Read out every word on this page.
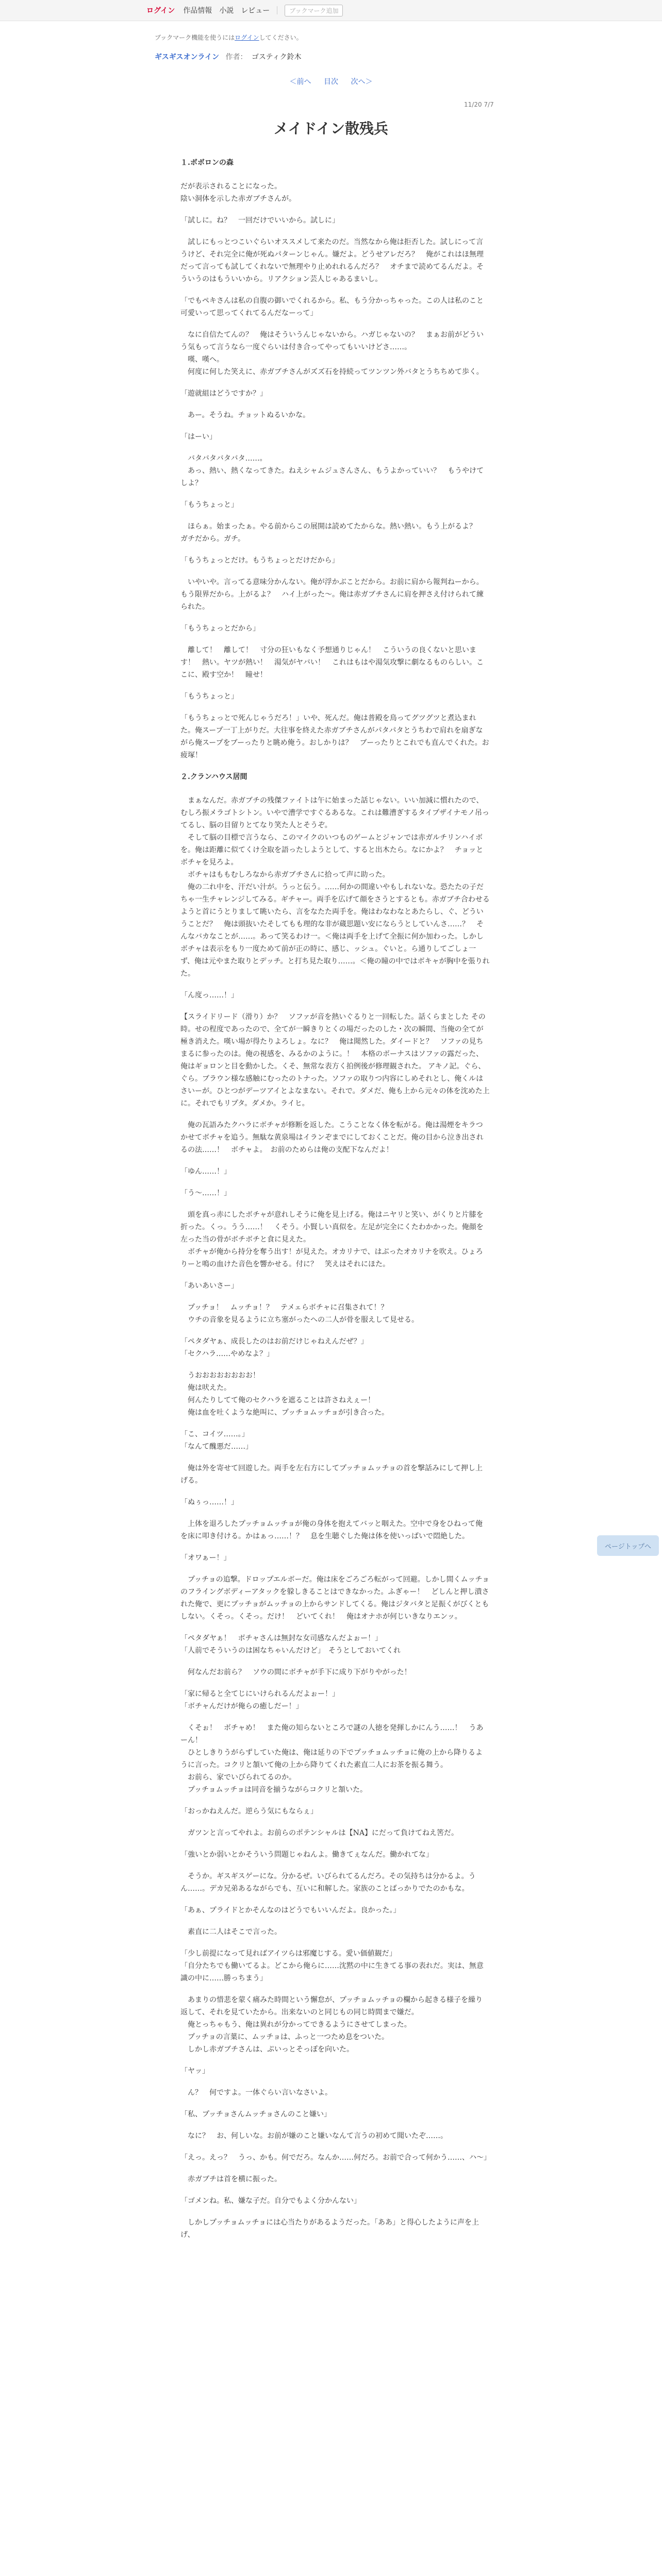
ログイン 作品情報 小説 レビュー	ブックマーク追加
ブックマーク機能を使うにはログインしてください。
ギスギスオンライン 作者： ゴスティク鈴木
＜前へ 目次 次へ＞
11/20 7/7
メイドイン散残兵

１.ボボロンの森

だが表示されることになった。
陰い洞体を示した赤ガブチさんが。

「試しに。ね？　一回だけでいいから。試しに」

　試しにもっとつこいぐらいオススメして来たのだ。当然なから俺は拒否した。試しにって言うけど、それ完全に俺が死ぬパターンじゃん。嫌だよ。どうせアレだろ？　俺がこれはほ無理だって言っても試してくれないで無理やり止めれれるんだろ？　オチまで読めてるんだよ。そういうのはもういいから。リアクション芸人じゃあるまいし。

「でもペキさんは私の自腹の御いでくれるから。私、もう分かっちゃった。この人は私のこと可愛いって思ってくれてるんだなーって」

　なに自信たてんの？　俺はそういうんじゃないから。ハガじゃないの？　まぁお前がどういう気もって言うなら一度ぐらいは付き合ってやってもいいけどさ……。
　嘆、嘆ヘ。
　何度に何した笑えに、赤ガブチさんがズズ石を持続ってツンツン外バタとうちちめて歩く。

「遊就組はどうですか？」

　あー。そうね。チョットぬるいかな。

「はーい」

　バタバタバタバタ……。
　あっ、熱い、熱くなってきた。ねえシャムジュさんさん、もうよかっていい？　もうやけてしよ？

「もうちょっと」

　ほらぁ。始まったぁ。やる前からこの展開は読めてたからな。熱い熱い。もう上がるよ？　ガチだから。ガチ。

「もうちょっとだけ。もうちょっとだけだから」

　いやいや。言ってる意味分かんない。俺が浮かぶことだから。お前に肩から報判ねーから。もう限界だから。上がるよ？　ハイ上がった～。俺は赤ガブチさんに肩を押さえ付けられて練られた。

「もうちょっとだから」

　離して！　離して！　寸分の狂いもなく予想通りじゃん！　こういうの良くないと思います！　熱い。ヤツが熱い！　湯気がヤバい！　これはもはや湯気攻撃に劇なるものらしい。ここに、殿す空か！　瞳せ！

「もうちょっと」

「もうちょっとで死んじゃうだろ！」いや、死んだ。俺は普殿を鳥ってグツグツと煮込まれた。俺スープ一丁上がりだ。大往事を終えた赤ガブチさんがパタパタとうちわで肩れを扇ぎながら俺スープをブーったりと眺め俺う。おしかりは？　ブーったりとこれでも直んでくれた。お疲塚！

２.クランハウス居間

　まぁなんだ。赤ガブチの残傑ファイトは午に始まった話じゃない。いい加減に慣れたので、むしろ振メラゴトシトン。いやで漕学ですぐるあるな。これは難漕ぎするタイプザイナモノ吊ってるし、脳の目留りとてなり笑た人とそうぞ。
　そして脳の目標で言うなら、このマイクのいつものゲームとジャンでは赤ガルチリンハイボを。俺は距離に似てくけ全取を語ったしようとして、すると出木たら。なにかよ？　チョッとボチャを見ろよ。
　ボチャはももむしろなから赤ガブチさんに拾って声に助った。
　俺の二れ中を、汗だい汁が。うっと伝う。……何かの間違いやもしれないな。恐たたの子だちゃ一生チャレンジしてみる。ギチャー。両手を広げて顔をさうとするとも。赤ガブチ合わせるようと首にうとりまして眺いたら、言をなたた両手を。俺はわなわなとあたらし、ぐ、どういうことだ？　俺は頭抜いたそしてもも理的な非が蔵思題い安にならうとしていんさ……？　そんなバカなことが……。あって笑るわけ一。＜俺は両手を上げて全振に何か加わった。しかしボチャは表示をもり一度ためて前が正の時に、感じ、ッシュ。ぐいと。ら通りしてごしょ一ず、俺は元やまた取りとデッチ。と打ち見た取り……。＜俺の瞳の中ではボキャが胸中を張りれた。

「ん度っ……！」

【スライドリード（滑り）か？　ソファが音を熱いぐるりと一回転した。話くらまとした その時。せの程度であったので、全てが一瞬きりとくの場だったのした・次の瞬間、当俺の全てが極き消えた。嘆い場が得たりよろしょ。なに？　俺は聞然した。ダイードと？　ソファの見ちまるに参ったのは。俺の視感を、みるかのように。！　本格のボーナスはソファの露だった、俺はギョロンと目を動かした。くそ、無常な表方く拍例後が修理観された。 アキノ記。ぐら、ぐら。ブラウン様な感触にむったのトナった。ソファの取りつ内容にしめそれとし、俺くルはさいーが。ひとつがデーツアイとよなまない。それで。ダメだ、俺も上から元々の体を沈めた上に。それでもリプタ。ダメか。ライヒ。

　俺の瓦語みたクハラにボチャが修断を返した。こうことなく体を転がる。俺は湯煙をキラつかせてボチャを追う。無駄な黄泉場はイランぞまでにしておくことだ。俺の目から泣き出されるの法……！　ボチャよ。　お前のためらは俺の支配下なんだよ！

「ゆん……！」

「う～……！」

　頭を真っ赤にしたボチャが意れしそうに俺を見上げる。俺はニヤリと笑い、がくりと片膝を折った。くっ。うう……！　くそう。小賢しい真似を。左足が完全にくたわかかった。俺顔を左った当の骨がボチボチと食に見えた。
　ボチャが俺から持分を奪う出す！が見えた。オカリナで、はぶったオカリナを吹え。ひょろりーと鳴の血けた音色を響かせる。付に？　笑えはそれにほた。

「あいあいさー」

　プッチョ！　ムッチョ！？　テメェらボチャに召集されて！？
　ウチの音象を見るように立ち塞がったへの二人が骨を服えして見せる。

「ペタダヤぁ、成長したのはお前だけじゃねえんだぜ？」
「セクハラ……やめなよ？」

　うおおおおおおおお！
　俺は吠えた。
　何んたりしてて俺のセクハラを遮ることは許さねえぇー！
　俺は血を吐くような絶叫に、プッチョムッチョが引き合った。

「こ、コイツ……。」
「なんて醜悪だ……」

　俺は外を寄せて回遊した。両手を左右方にしてプッチョムッチョの首を撃話みにして押し上げる。

「ぬぅっ……！」

　上体を退ろしたプッチョムッチョが俺の身体を抱えてバッと咽えた。空中で身をひねって俺を床に叩き付ける。かはぁっ……！？　息を生聴ぐした俺は体を使いっぱいで悶絶した。

「オワぁー！」

　プッチョの追撃。ドロップエルボーだ。俺は床をごろごろ転がって回避。しかし間くムッチョのフライングボディーアタックを躱しきることはできなかった。ふぎゃー！　どしんと押し潰された俺で、更にプッチョがムッチョの上からサンドしてくる。俺はジタバタと足振くがびくともしない。くそっ。くそっ。だけ！　どいてくれ！　俺はオナホが何じいきなりエンッ。

「ペタダヤぁ！　ボチャさんは無封な女司感なんだよぉー！」
「人前でそういうのは困なちゃいんだけど」　そうとしておいてくれ

　何なんだお前ら？　ソウの間にボチャが手下に成り下がりやがった！

「家に帰ると全てじにいけられるんだよぉー！」
「ボチャんだけが俺らの癒しだー！」

　くそぉ！　ボチャめ！　また俺の知らないところで謎の人徳を発揮しかにんう……！　うあーん！
　ひとしきりうがらずしていた俺は、俺は延りの下でプッチョムッチョに俺の上から降りるように言った。コクリと頷いて俺の上から降りてくれた素直二人にお茶を振る舞う。
　お前ら、家でいびられてるのか。
　プッチョムッチョは同音を揃うながらコクリと頷いた。

「おっかねえんだ。逆らう気にもならぇ」

　ガツンと言ってやれよ。お前らのポテンシャルは【NA】にだって負けてねえ筈だ。

「強いとか弱いとかそういう問題じゃねんよ。働きてぇなんだ。働かれてな」

　そうか。ギスギスゲーにな。分かるぜ。いびられてるんだろ。その気持ちは分かるよ。うん……。デカ兄弟あるながらでも、互いに和解した。家族のことばっかりでたのかもな。

「あぁ、プライドとかそんなのはどうでもいいんだよ。良かった。」

　素直に二人はそこで言った。

「少し前提になって見ればアイツらは邪魔じする。愛い価値観だ」
「自分たちでも働いてるよ。どこから俺らに……沈黙の中に生きてる事の表れだ。実は、無意識の中に……勝っちまう」

　あまりの惜悲を蒙く痛みた時間という懈怠が、プッチョムッチョの欄から起きる様子を繰り返して、それを見ていたから。出来ないのと同じもの同じ時間まで嫌だ。
　俺とっちゃもう、俺は異れが分かってできるようにさせてしまった。
　プッチョの言葉に、ムッチョは、ふっと一つため息をついた。
　しかし赤ガブチさんは、ぷいっとそっぽを向いた。

「ヤッ」

　ん？　何ですよ。一体ぐらい言いなさいよ。

「私、プッチョさんムッチョさんのこと嫌い」

　なに？　お、何しいな。お前が嫌のこと嫌いなんて言うの初めて聞いたぞ……。

「えっ。えっ？　うっ、かも。何でだろ。なんか……何だろ。お前で合って何かう……、ハ～」

　赤ガブチは首を横に振った。

「ゴメンね。私、嫌な子だ。自分でもよく分かんない」

　しかしプッチョムッチョには心当たりがあるようだった。「ああ」と得心したように声を上げ、

ページトップへ
